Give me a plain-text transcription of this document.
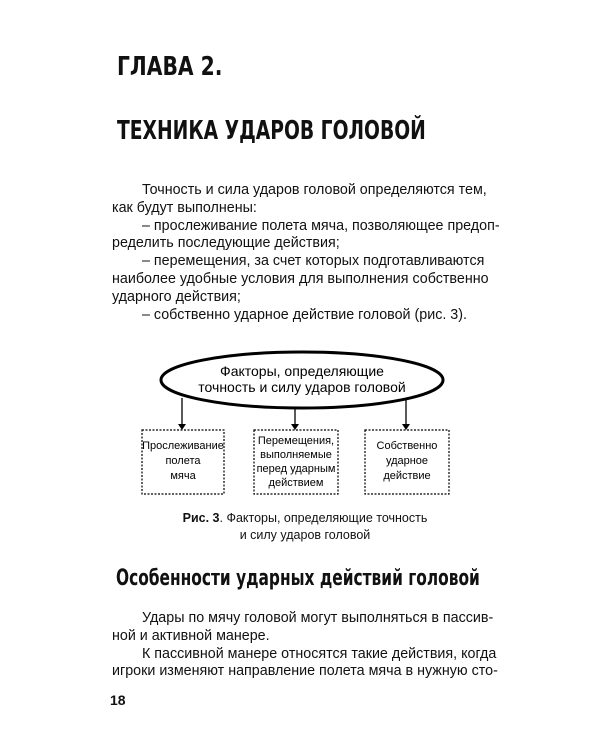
ГЛАВА 2.
ТЕХНИКА УДАРОВ ГОЛОВОЙ
Точность и сила ударов головой определяются тем,
как будут выполнены:
– прослеживание полета мяча, позволяющее предоп-
ределить последующие действия;
– перемещения, за счет которых подготавливаются
наиболее удобные условия для выполнения собственно
ударного действия;
– собственно ударное действие головой (рис. 3).
Факторы, определяющие
точность и силу ударов головой
Прослеживание
полета
мяча
Перемещения,
выполняемые
перед ударным
действием
Собственно
ударное
действие
Рис. 3. Факторы, определяющие точность
и силу ударов головой
Особенности ударных действий головой
Удары по мячу головой могут выполняться в пассив-
ной и активной манере.
К пассивной манере относятся такие действия, когда
игроки изменяют направление полета мяча в нужную сто-
18
